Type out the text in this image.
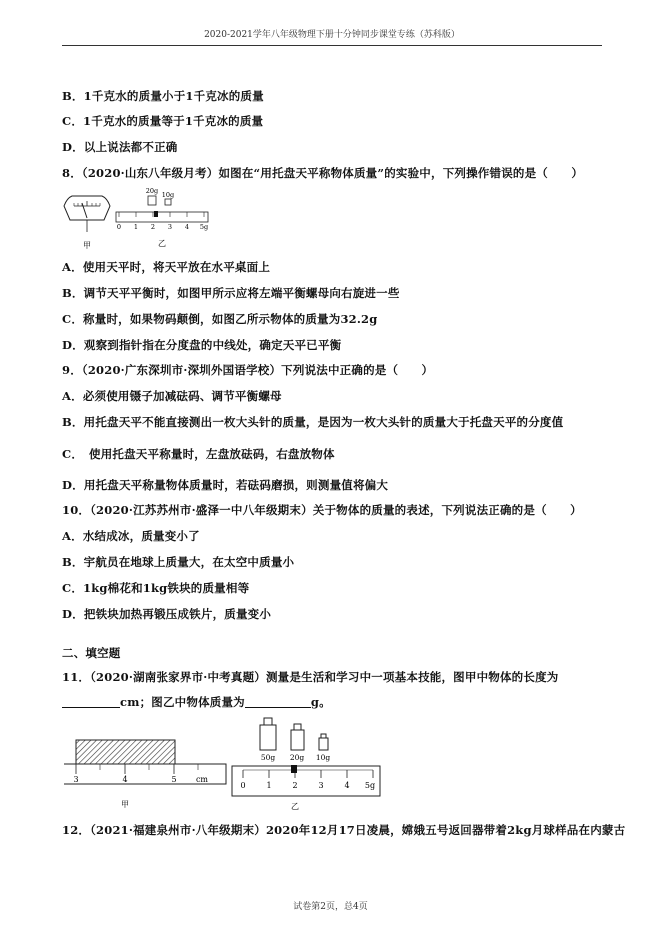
2020-2021学年八年级物理下册十分钟同步课堂专练（苏科版）
B．1千克水的质量小于1千克冰的质量
C．1千克水的质量等于1千克冰的质量
D．以上说法都不正确
8．（2020·山东八年级月考）如图在“用托盘天平称物体质量”的实验中，下列操作错误的是（　　）
甲
20g 10g
0 1 2 3 4 5g
乙
A．使用天平时，将天平放在水平桌面上
B．调节天平平衡时，如图甲所示应将左端平衡螺母向右旋进一些
C．称量时，如果物码颠倒，如图乙所示物体的质量为32.2g
D．观察到指针指在分度盘的中线处，确定天平已平衡
9．（2020·广东深圳市·深圳外国语学校）下列说法中正确的是（　　）
A．必须使用镊子加减砝码、调节平衡螺母
B．用托盘天平不能直接测出一枚大头针的质量，是因为一枚大头针的质量大于托盘天平的分度值
C．　使用托盘天平称量时，左盘放砝码，右盘放物体
D．用托盘天平称量物体质量时，若砝码磨损，则测量值将偏大
10．（2020·江苏苏州市·盛泽一中八年级期末）关于物体的质量的表述，下列说法正确的是（　　）
A．水结成冰，质量变小了
B．宇航员在地球上质量大，在太空中质量小
C．1kg棉花和1kg铁块的质量相等
D．把铁块加热再锻压成铁片，质量变小
二、填空题
11．（2020·湖南张家界市·中考真题）测量是生活和学习中一项基本技能，图甲中物体的长度为
cm；图乙中物体质量为	g。
3	4	5 cm
甲
50g 20g 10g
0	1	2	3	4 5g
乙
12．（2021·福建泉州市·八年级期末）2020年12月17日凌晨，嫦娥五号返回器带着2kg月球样品在内蒙古
试卷第2页，总4页
